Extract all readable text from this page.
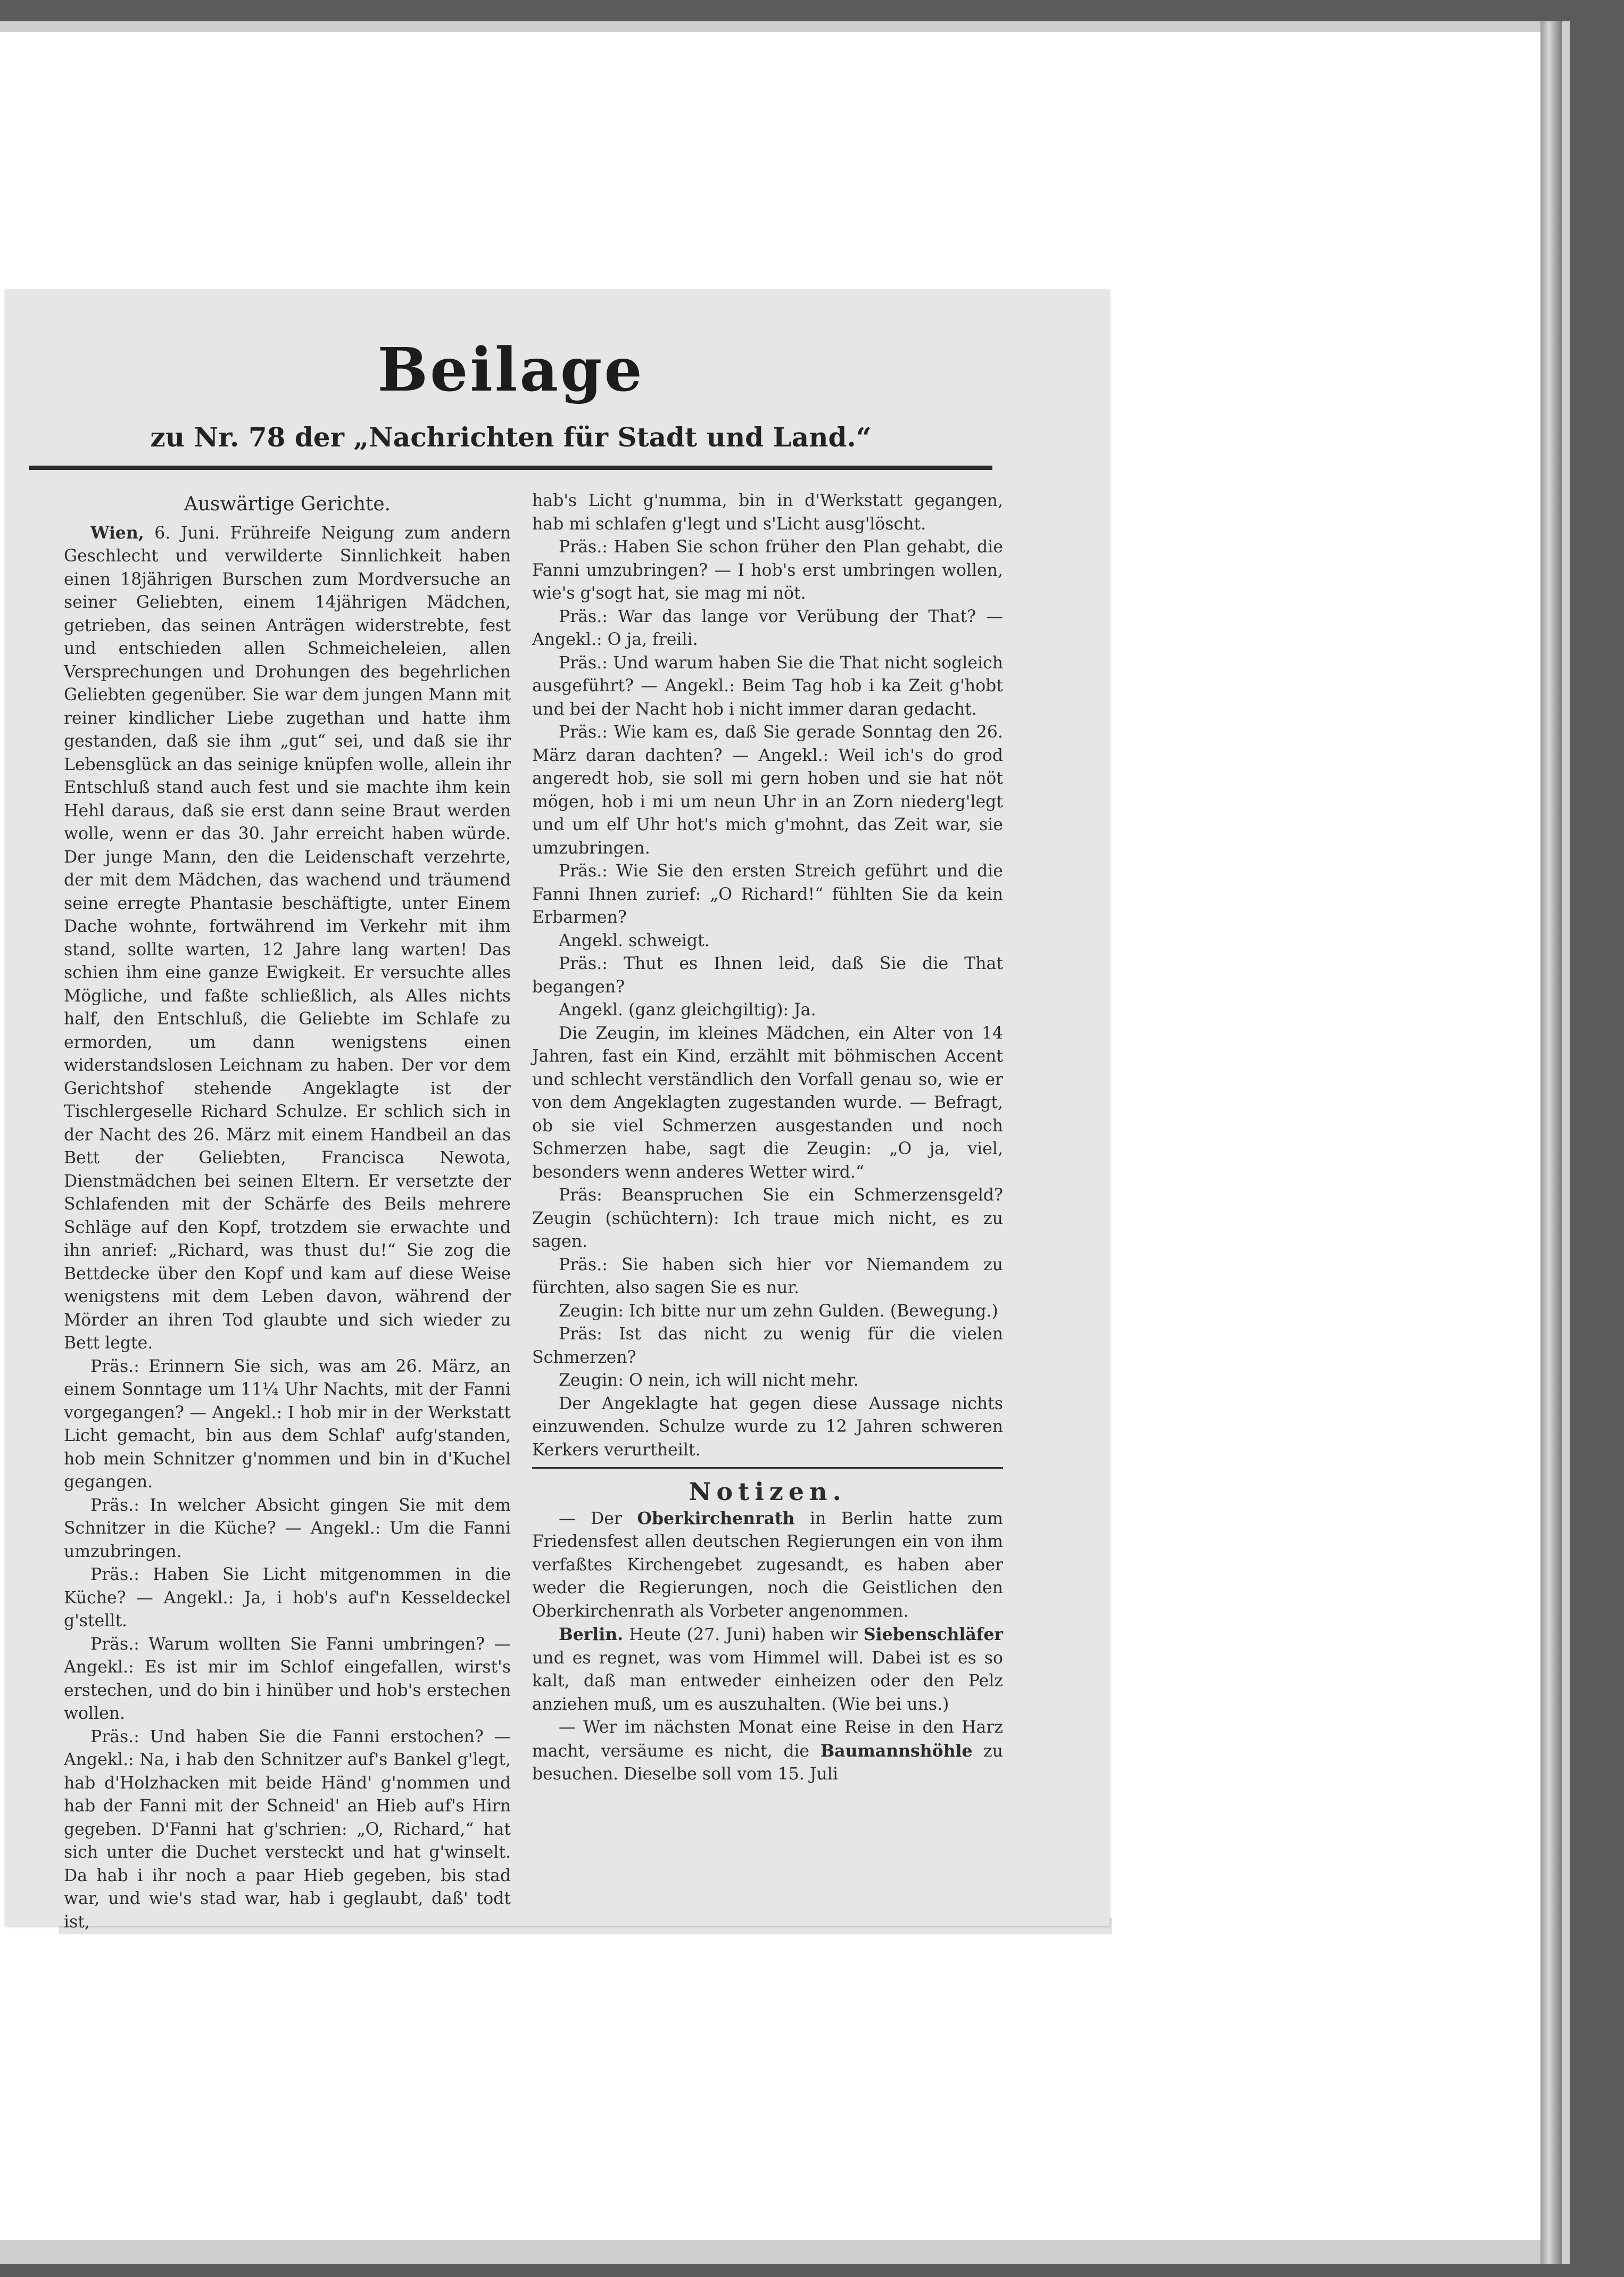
Beilage
zu Nr. 78 der „Nachrichten für Stadt und Land.“
Auswärtige Gerichte.

Wien, 6. Juni. Frühreife Neigung zum andern Geschlecht und verwilderte Sinnlichkeit haben einen 18jährigen Burschen zum Mordversuche an seiner Geliebten, einem 14jährigen Mädchen, getrieben, das seinen Anträgen widerstrebte, fest und entschieden allen Schmeicheleien, allen Versprechungen und Drohungen des begehrlichen Geliebten gegenüber. Sie war dem jungen Mann mit reiner kindlicher Liebe zugethan und hatte ihm gestanden, daß sie ihm „gut“ sei, und daß sie ihr Lebensglück an das seinige knüpfen wolle, allein ihr Entschluß stand auch fest und sie machte ihm kein Hehl daraus, daß sie erst dann seine Braut werden wolle, wenn er das 30. Jahr erreicht haben würde. Der junge Mann, den die Leidenschaft verzehrte, der mit dem Mädchen, das wachend und träumend seine erregte Phantasie beschäftigte, unter Einem Dache wohnte, fortwährend im Verkehr mit ihm stand, sollte warten, 12 Jahre lang warten! Das schien ihm eine ganze Ewigkeit. Er versuchte alles Mögliche, und faßte schließlich, als Alles nichts half, den Entschluß, die Geliebte im Schlafe zu ermorden, um dann wenigstens einen widerstandslosen Leichnam zu haben. Der vor dem Gerichtshof stehende Angeklagte ist der Tischlergeselle Richard Schulze. Er schlich sich in der Nacht des 26. März mit einem Handbeil an das Bett der Geliebten, Francisca Newota, Dienstmädchen bei seinen Eltern. Er versetzte der Schlafenden mit der Schärfe des Beils mehrere Schläge auf den Kopf, trotzdem sie erwachte und ihn anrief: „Richard, was thust du!“ Sie zog die Bettdecke über den Kopf und kam auf diese Weise wenigstens mit dem Leben davon, während der Mörder an ihren Tod glaubte und sich wieder zu Bett legte.

Präs.: Erinnern Sie sich, was am 26. März, an einem Sonntage um 11¼ Uhr Nachts, mit der Fanni vorgegangen? — Angekl.: I hob mir in der Werkstatt Licht gemacht, bin aus dem Schlaf' aufg'standen, hob mein Schnitzer g'nommen und bin in d'Kuchel gegangen.

Präs.: In welcher Absicht gingen Sie mit dem Schnitzer in die Küche? — Angekl.: Um die Fanni umzubringen.

Präs.: Haben Sie Licht mitgenommen in die Küche? — Angekl.: Ja, i hob's auf'n Kesseldeckel g'stellt.

Präs.: Warum wollten Sie Fanni umbringen? — Angekl.: Es ist mir im Schlof eingefallen, wirst's erstechen, und do bin i hinüber und hob's erstechen wollen.

Präs.: Und haben Sie die Fanni erstochen? — Angekl.: Na, i hab den Schnitzer auf's Bankel g'legt, hab d'Holzhacken mit beide Händ' g'nommen und hab der Fanni mit der Schneid' an Hieb auf's Hirn gegeben. D'Fanni hat g'schrien: „O, Richard,“ hat sich unter die Duchet versteckt und hat g'winselt. Da hab i ihr noch a paar Hieb gegeben, bis stad war, und wie's stad war, hab i geglaubt, daß' todt ist,

hab's Licht g'numma, bin in d'Werkstatt gegangen, hab mi schlafen g'legt und s'Licht ausg'löscht.

Präs.: Haben Sie schon früher den Plan gehabt, die Fanni umzubringen? — I hob's erst umbringen wollen, wie's g'sogt hat, sie mag mi nöt.

Präs.: War das lange vor Verübung der That? — Angekl.: O ja, freili.

Präs.: Und warum haben Sie die That nicht sogleich ausgeführt? — Angekl.: Beim Tag hob i ka Zeit g'hobt und bei der Nacht hob i nicht immer daran gedacht.

Präs.: Wie kam es, daß Sie gerade Sonntag den 26. März daran dachten? — Angekl.: Weil ich's do grod angeredt hob, sie soll mi gern hoben und sie hat nöt mögen, hob i mi um neun Uhr in an Zorn niederg'legt und um elf Uhr hot's mich g'mohnt, das Zeit war, sie umzubringen.

Präs.: Wie Sie den ersten Streich geführt und die Fanni Ihnen zurief: „O Richard!“ fühlten Sie da kein Erbarmen?

Angekl. schweigt.

Präs.: Thut es Ihnen leid, daß Sie die That begangen?

Angekl. (ganz gleichgiltig): Ja.

Die Zeugin, im kleines Mädchen, ein Alter von 14 Jahren, fast ein Kind, erzählt mit böhmischen Accent und schlecht verständlich den Vorfall genau so, wie er von dem Angeklagten zugestanden wurde. — Befragt, ob sie viel Schmerzen ausgestanden und noch Schmerzen habe, sagt die Zeugin: „O ja, viel, besonders wenn anderes Wetter wird.“

Präs: Beanspruchen Sie ein Schmerzensgeld? Zeugin (schüchtern): Ich traue mich nicht, es zu sagen.

Präs.: Sie haben sich hier vor Niemandem zu fürchten, also sagen Sie es nur.

Zeugin: Ich bitte nur um zehn Gulden. (Bewegung.)

Präs: Ist das nicht zu wenig für die vielen Schmerzen?

Zeugin: O nein, ich will nicht mehr.

Der Angeklagte hat gegen diese Aussage nichts einzuwenden. Schulze wurde zu 12 Jahren schweren Kerkers verurtheilt.

Notizen.

— Der Oberkirchenrath in Berlin hatte zum Friedensfest allen deutschen Regierungen ein von ihm verfaßtes Kirchengebet zugesandt, es haben aber weder die Regierungen, noch die Geistlichen den Oberkirchenrath als Vorbeter angenommen.

Berlin. Heute (27. Juni) haben wir Siebenschläfer und es regnet, was vom Himmel will. Dabei ist es so kalt, daß man entweder einheizen oder den Pelz anziehen muß, um es auszuhalten. (Wie bei uns.)

— Wer im nächsten Monat eine Reise in den Harz macht, versäume es nicht, die Baumannshöhle zu besuchen. Dieselbe soll vom 15. Juli
